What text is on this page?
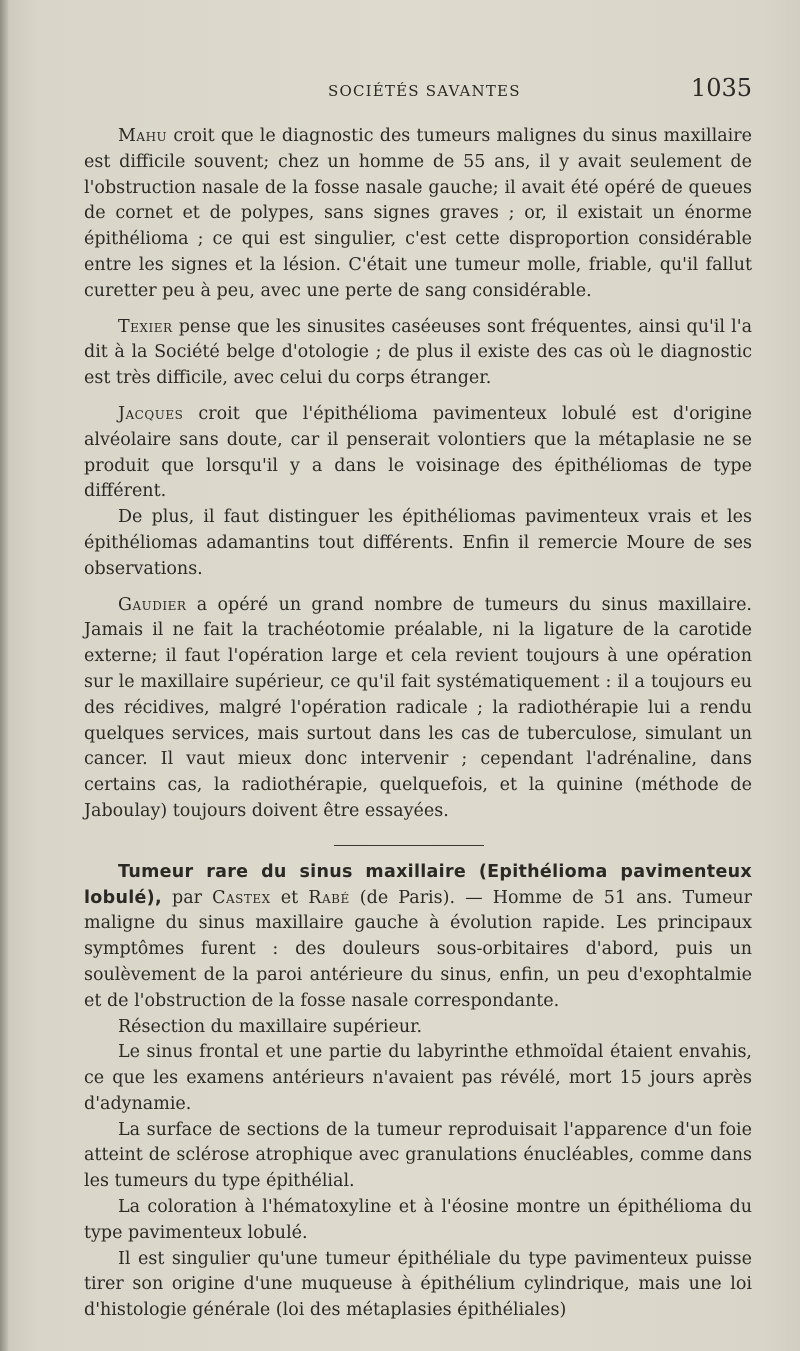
SOCIÉTÉS SAVANTES	1035

Mahu croit que le diagnostic des tumeurs malignes du sinus maxillaire est difficile souvent; chez un homme de 55 ans, il y avait seulement de l'obstruction nasale de la fosse nasale gauche; il avait été opéré de queues de cornet et de polypes, sans signes graves ; or, il existait un énorme épithélioma ; ce qui est singulier, c'est cette disproportion considérable entre les signes et la lésion. C'était une tumeur molle, friable, qu'il fallut curetter peu à peu, avec une perte de sang considérable.

Texier pense que les sinusites caséeuses sont fréquentes, ainsi qu'il l'a dit à la Société belge d'otologie ; de plus il existe des cas où le diagnostic est très difficile, avec celui du corps étranger.

Jacques croit que l'épithélioma pavimenteux lobulé est d'origine alvéolaire sans doute, car il penserait volontiers que la métaplasie ne se produit que lorsqu'il y a dans le voisinage des épithéliomas de type différent.

De plus, il faut distinguer les épithéliomas pavimenteux vrais et les épithéliomas adamantins tout différents. Enfin il remercie Moure de ses observations.

Gaudier a opéré un grand nombre de tumeurs du sinus maxillaire. Jamais il ne fait la trachéotomie préalable, ni la ligature de la carotide externe; il faut l'opération large et cela revient toujours à une opération sur le maxillaire supérieur, ce qu'il fait systématiquement : il a toujours eu des récidives, malgré l'opération radicale ; la radiothérapie lui a rendu quelques services, mais surtout dans les cas de tuberculose, simulant un cancer. Il vaut mieux donc intervenir ; cependant l'adrénaline, dans certains cas, la radiothérapie, quelquefois, et la quinine (méthode de Jaboulay) toujours doivent être essayées.

Tumeur rare du sinus maxillaire (Epithélioma pavimenteux lobulé), par Castex et Rabé (de Paris). — Homme de 51 ans. Tumeur maligne du sinus maxillaire gauche à évolution rapide. Les principaux symptômes furent : des douleurs sous-orbitaires d'abord, puis un soulèvement de la paroi antérieure du sinus, enfin, un peu d'exophtalmie et de l'obstruction de la fosse nasale correspondante.

Résection du maxillaire supérieur.

Le sinus frontal et une partie du labyrinthe ethmoïdal étaient envahis, ce que les examens antérieurs n'avaient pas révélé, mort 15 jours après d'adynamie.

La surface de sections de la tumeur reproduisait l'apparence d'un foie atteint de sclérose atrophique avec granulations énucléables, comme dans les tumeurs du type épithélial.

La coloration à l'hématoxyline et à l'éosine montre un épithélioma du type pavimenteux lobulé.

Il est singulier qu'une tumeur épithéliale du type pavimenteux puisse tirer son origine d'une muqueuse à épithélium cylindrique, mais une loi d'histologie générale (loi des métaplasies épithéliales)
